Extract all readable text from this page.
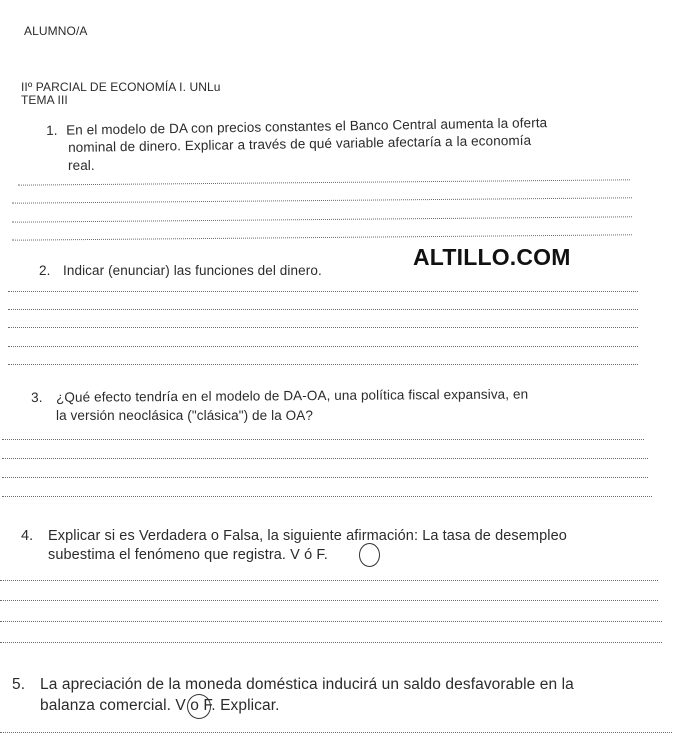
ALUMNO/A
IIº PARCIAL DE ECONOMÍA I. UNLu
TEMA III
1. En el modelo de DA con precios constantes el Banco Central aumenta la oferta
nominal de dinero. Explicar a través de qué variable afectaría a la economía
real.
ALTILLO.COM
2. Indicar (enunciar) las funciones del dinero.
3. ¿Qué efecto tendría en el modelo de DA-OA, una política fiscal expansiva, en
la versión neoclásica ("clásica") de la OA?
4. Explicar si es Verdadera o Falsa, la siguiente afirmación: La tasa de desempleo
subestima el fenómeno que registra. V ó F.
5. La apreciación de la moneda doméstica inducirá un saldo desfavorable en la
balanza comercial. V o F. Explicar.
